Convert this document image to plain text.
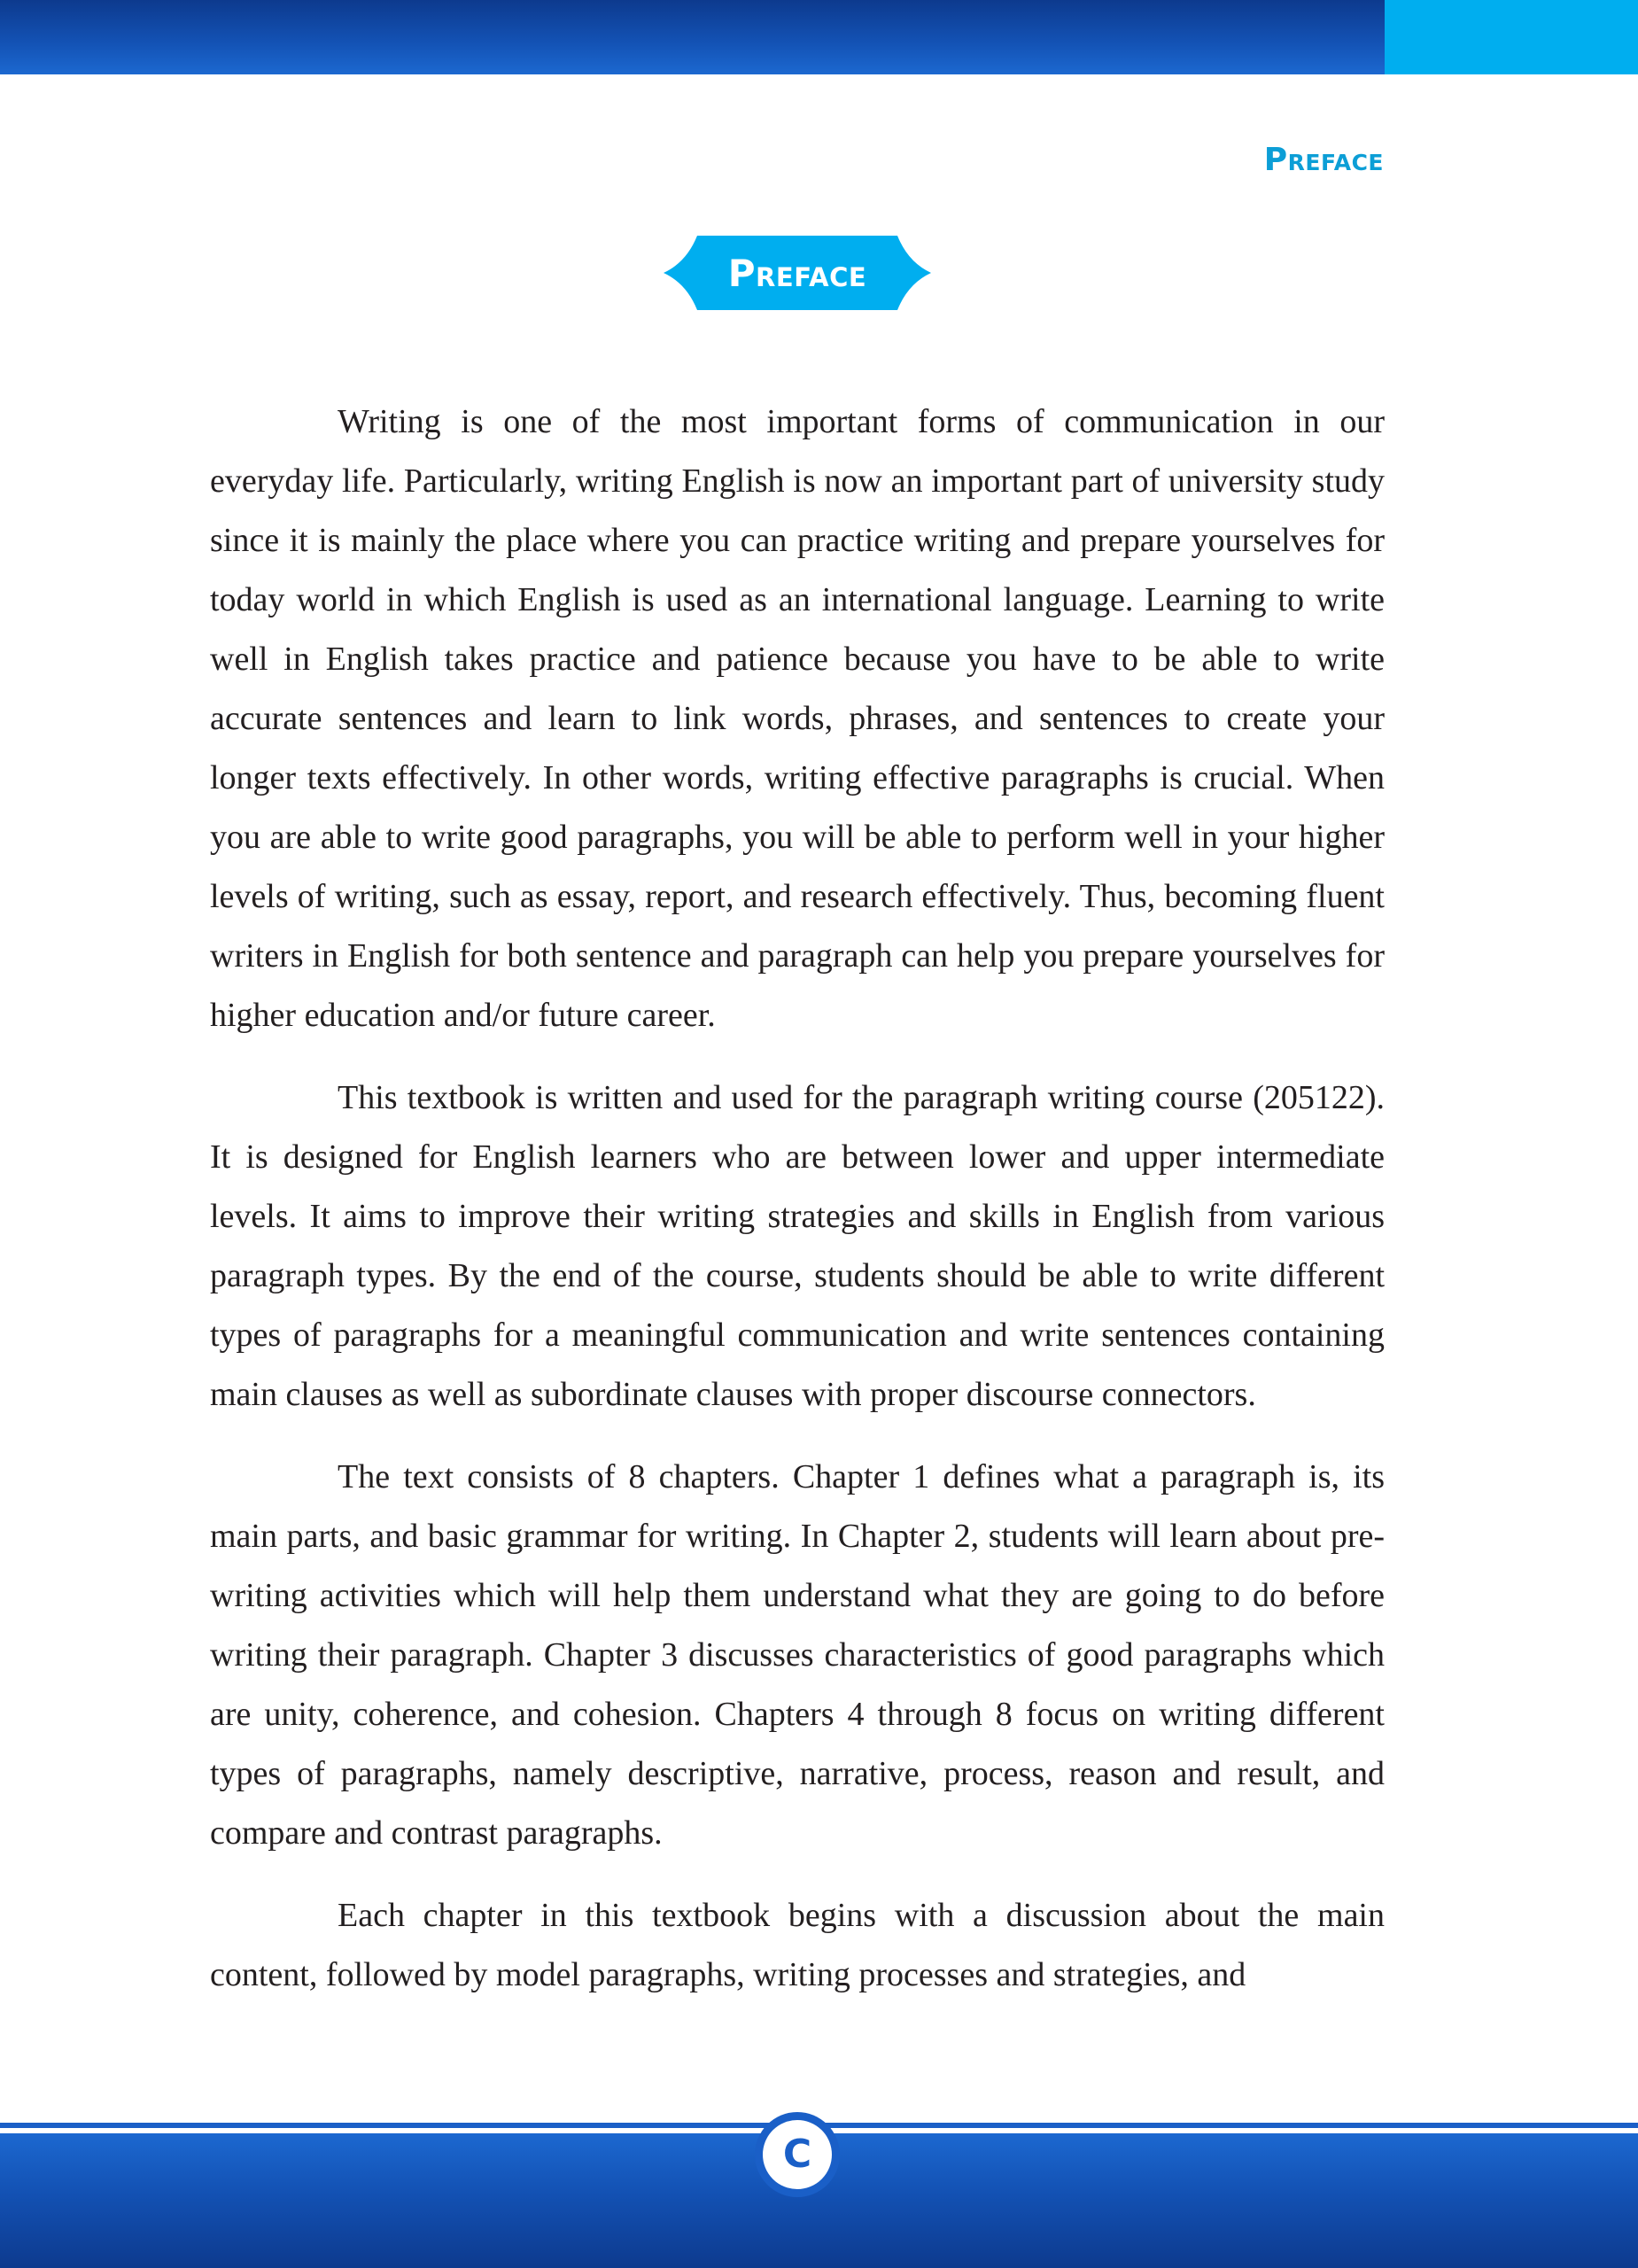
Preface
Preface

Writing is one of the most important forms of communication in our everyday life. Particularly, writing English is now an important part of university study since it is mainly the place where you can practice writing and prepare yourselves for today world in which English is used as an international language. Learning to write well in English takes practice and patience because you have to be able to write accurate sentences and learn to link words, phrases, and sentences to create your longer texts effectively. In other words, writing effective paragraphs is crucial. When you are able to write good paragraphs, you will be able to perform well in your higher levels of writing, such as essay, report, and research effectively. Thus, becoming fluent writers in English for both sentence and paragraph can help you prepare yourselves for higher education and/or future career.

This textbook is written and used for the paragraph writing course (205122). It is designed for English learners who are between lower and upper intermediate levels. It aims to improve their writing strategies and skills in English from various paragraph types. By the end of the course, students should be able to write different types of paragraphs for a meaningful communication and write sentences containing main clauses as well as subordinate clauses with proper discourse connectors.

The text consists of 8 chapters. Chapter 1 defines what a paragraph is, its main parts, and basic grammar for writing. In Chapter 2, students will learn about pre-writing activities which will help them understand what they are going to do before writing their paragraph. Chapter 3 discusses characteristics of good paragraphs which are unity, coherence, and cohesion. Chapters 4 through 8 focus on writing different types of paragraphs, namely descriptive, narrative, process, reason and result, and compare and contrast paragraphs.

Each chapter in this textbook begins with a discussion about the main content, followed by model paragraphs, writing processes and strategies, and

C
